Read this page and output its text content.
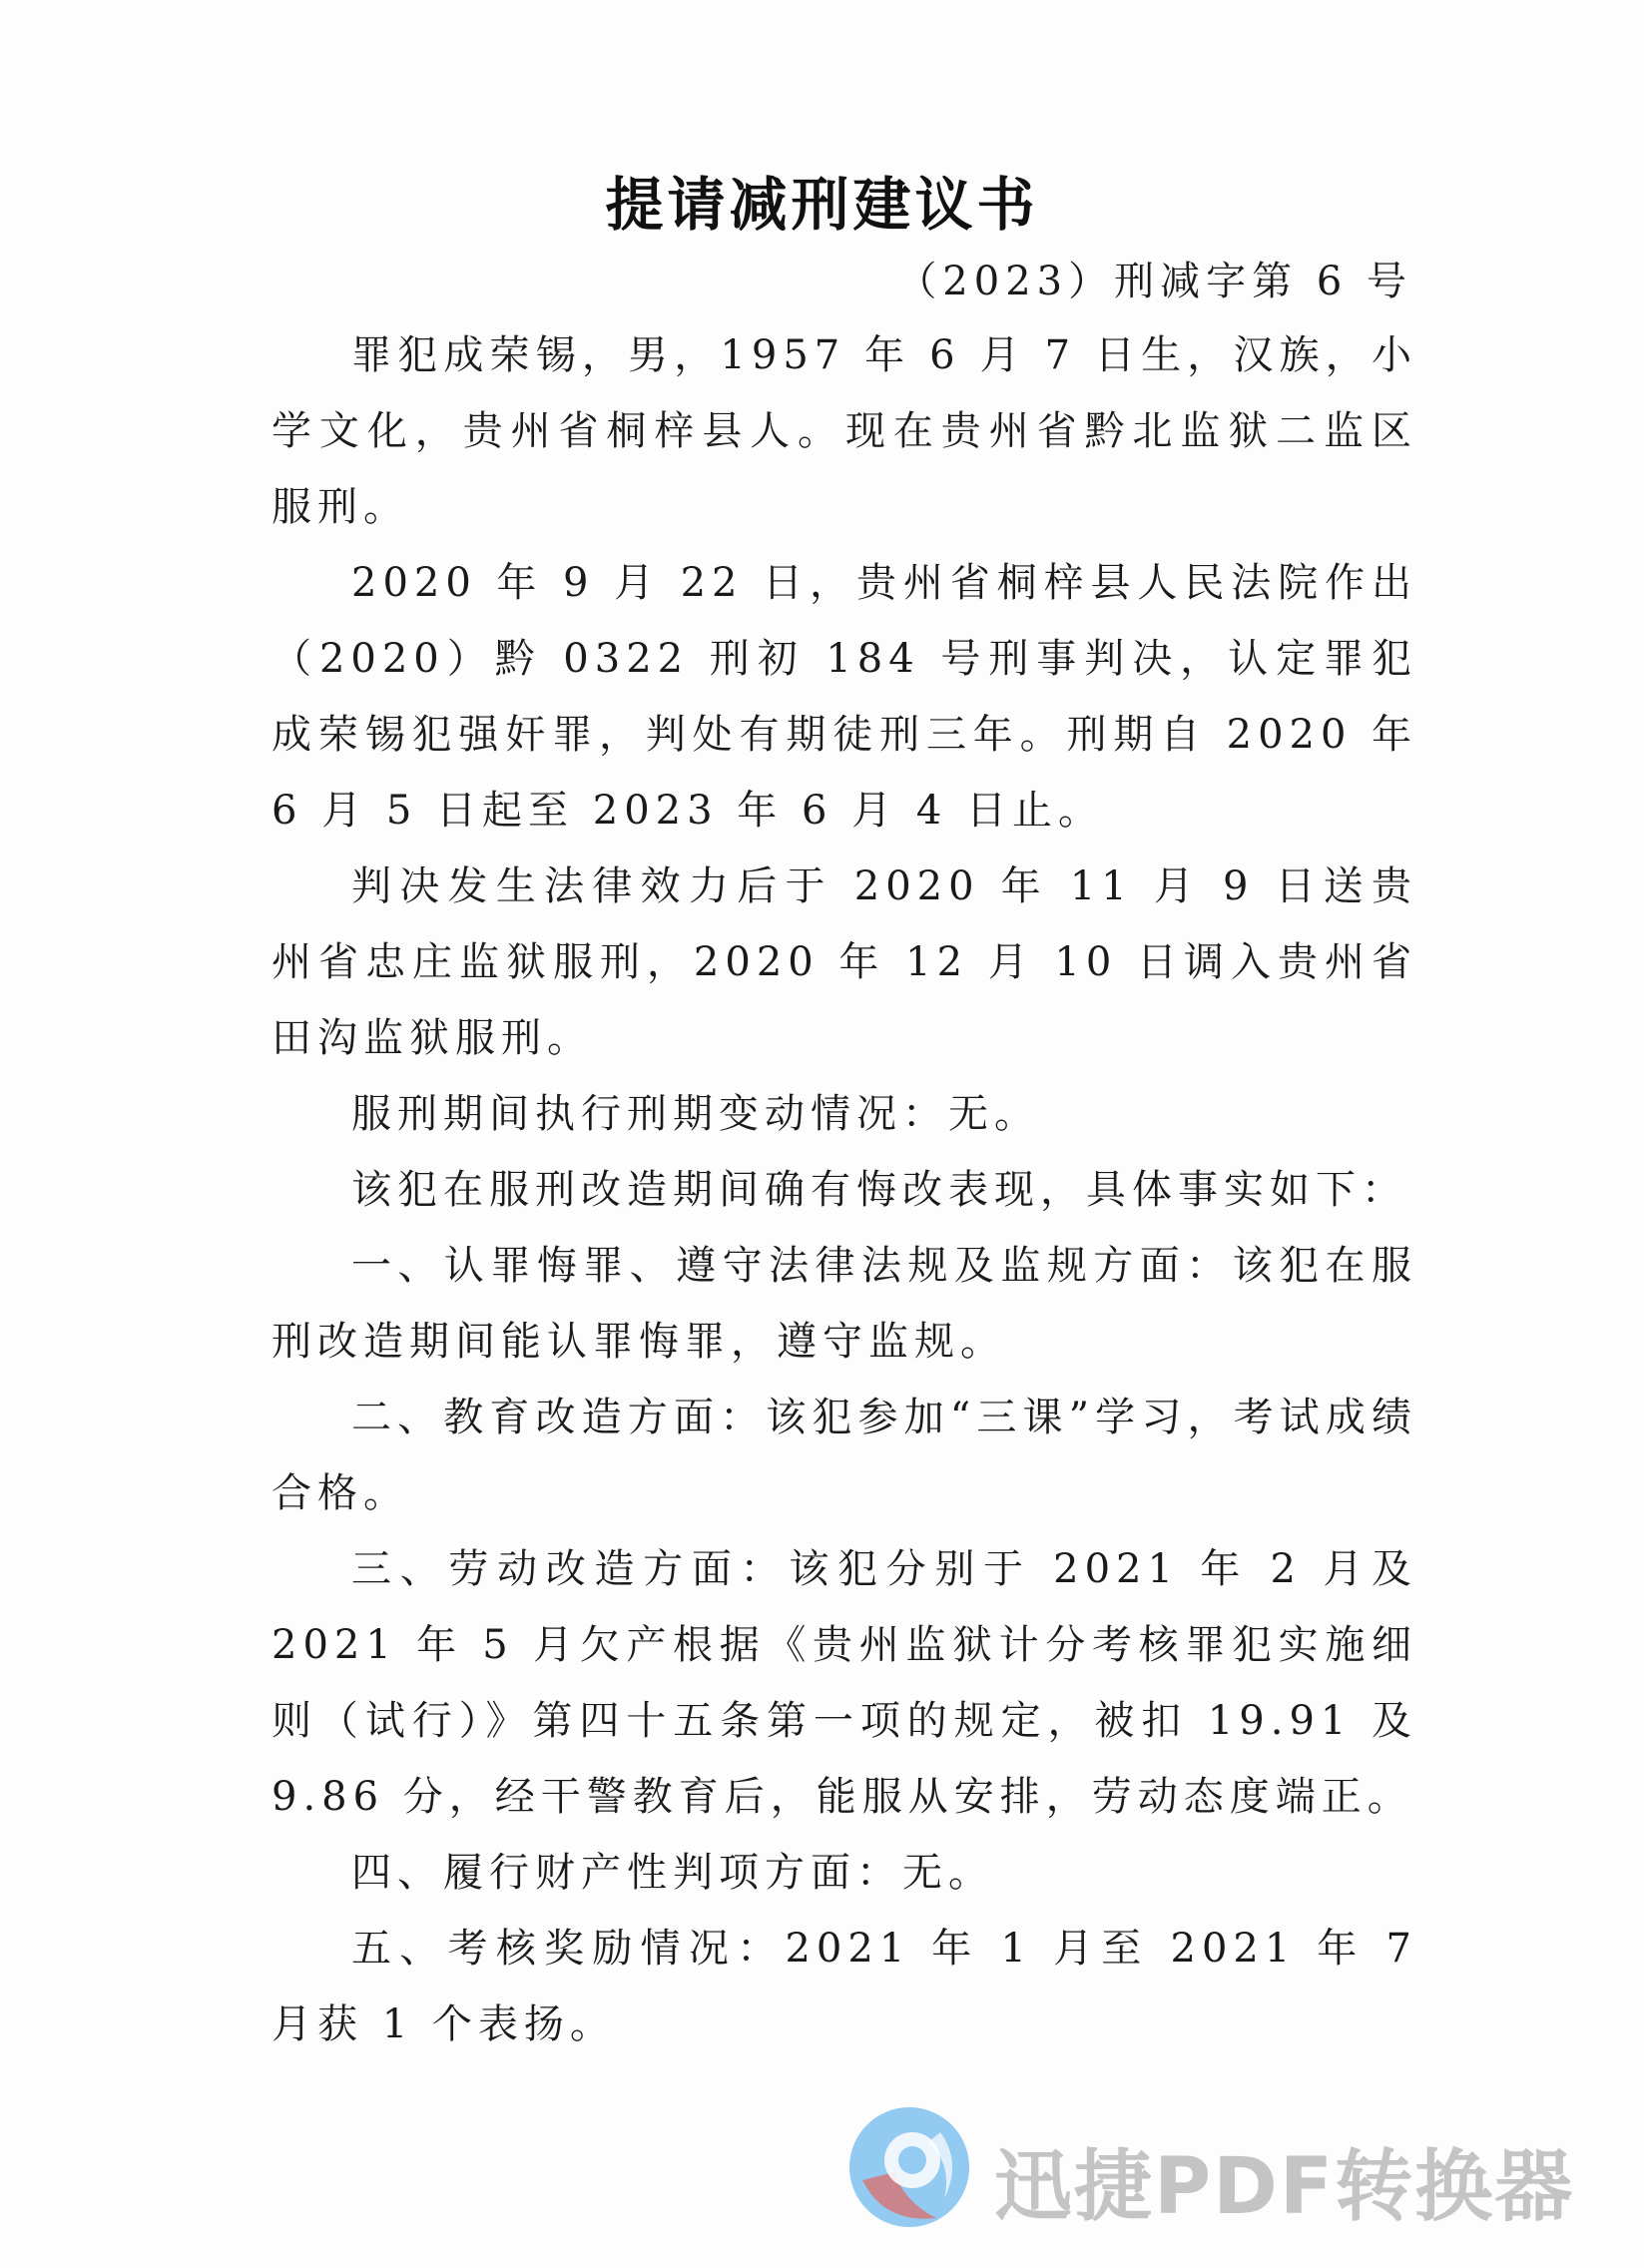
提请减刑建议书
（2023）刑减字第 6 号

罪犯成荣锡，男，1957 年 6 月 7 日生，汉族，小学文化，贵州省桐梓县人。现在贵州省黔北监狱二监区服刑。

2020 年 9 月 22 日，贵州省桐梓县人民法院作出（2020）黔 0322 刑初 184 号刑事判决，认定罪犯成荣锡犯强奸罪，判处有期徒刑三年。刑期自 2020 年 6 月 5 日起至 2023 年 6 月 4 日止。

判决发生法律效力后于 2020 年 11 月 9 日送贵州省忠庄监狱服刑，2020 年 12 月 10 日调入贵州省田沟监狱服刑。

服刑期间执行刑期变动情况：无。

该犯在服刑改造期间确有悔改表现，具体事实如下：

一、认罪悔罪、遵守法律法规及监规方面：该犯在服刑改造期间能认罪悔罪，遵守监规。

二、教育改造方面：该犯参加“三课”学习，考试成绩合格。

三、劳动改造方面：该犯分别于 2021 年 2 月及 2021 年 5 月欠产根据《贵州监狱计分考核罪犯实施细则（试行）》第四十五条第一项的规定，被扣 19.91 及 9.86 分，经干警教育后，能服从安排，劳动态度端正。

四、履行财产性判项方面：无。

五、考核奖励情况：2021 年 1 月至 2021 年 7 月获 1 个表扬。

迅捷PDF转换器
